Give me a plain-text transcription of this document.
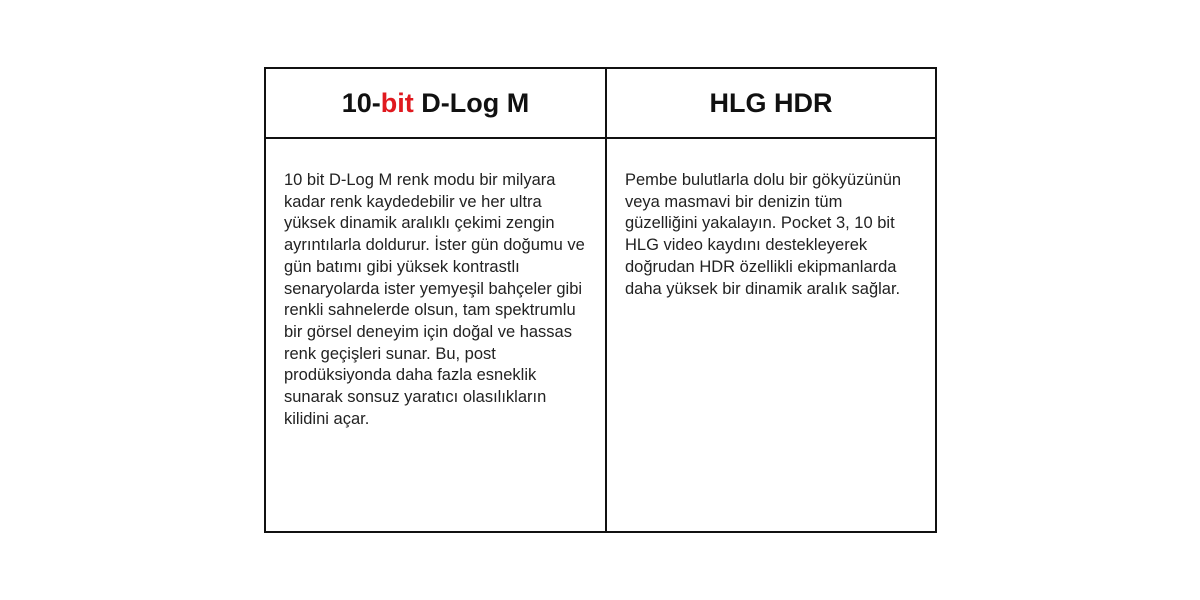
10- bit D-Log M	HLG HDR

10 bit D-Log M renk modu bir milyara kadar renk kaydedebilir ve her ultra yüksek dinamik aralıklı çekimi zengin ayrıntılarla doldurur. İster gün doğumu ve gün batımı gibi yüksek kontrastlı senaryolarda ister yemyeşil bahçeler gibi renkli sahnelerde olsun, tam spektrumlu bir görsel deneyim için doğal ve hassas renk geçişleri sunar. Bu, post prodüksiyonda daha fazla esneklik sunarak sonsuz yaratıcı olasılıkların kilidini açar.

Pembe bulutlarla dolu bir gökyüzünün veya masmavi bir denizin tüm güzelliğini yakalayın. Pocket 3, 10 bit HLG video kaydını destekleyerek doğrudan HDR özellikli ekipmanlarda daha yüksek bir dinamik aralık sağlar.
